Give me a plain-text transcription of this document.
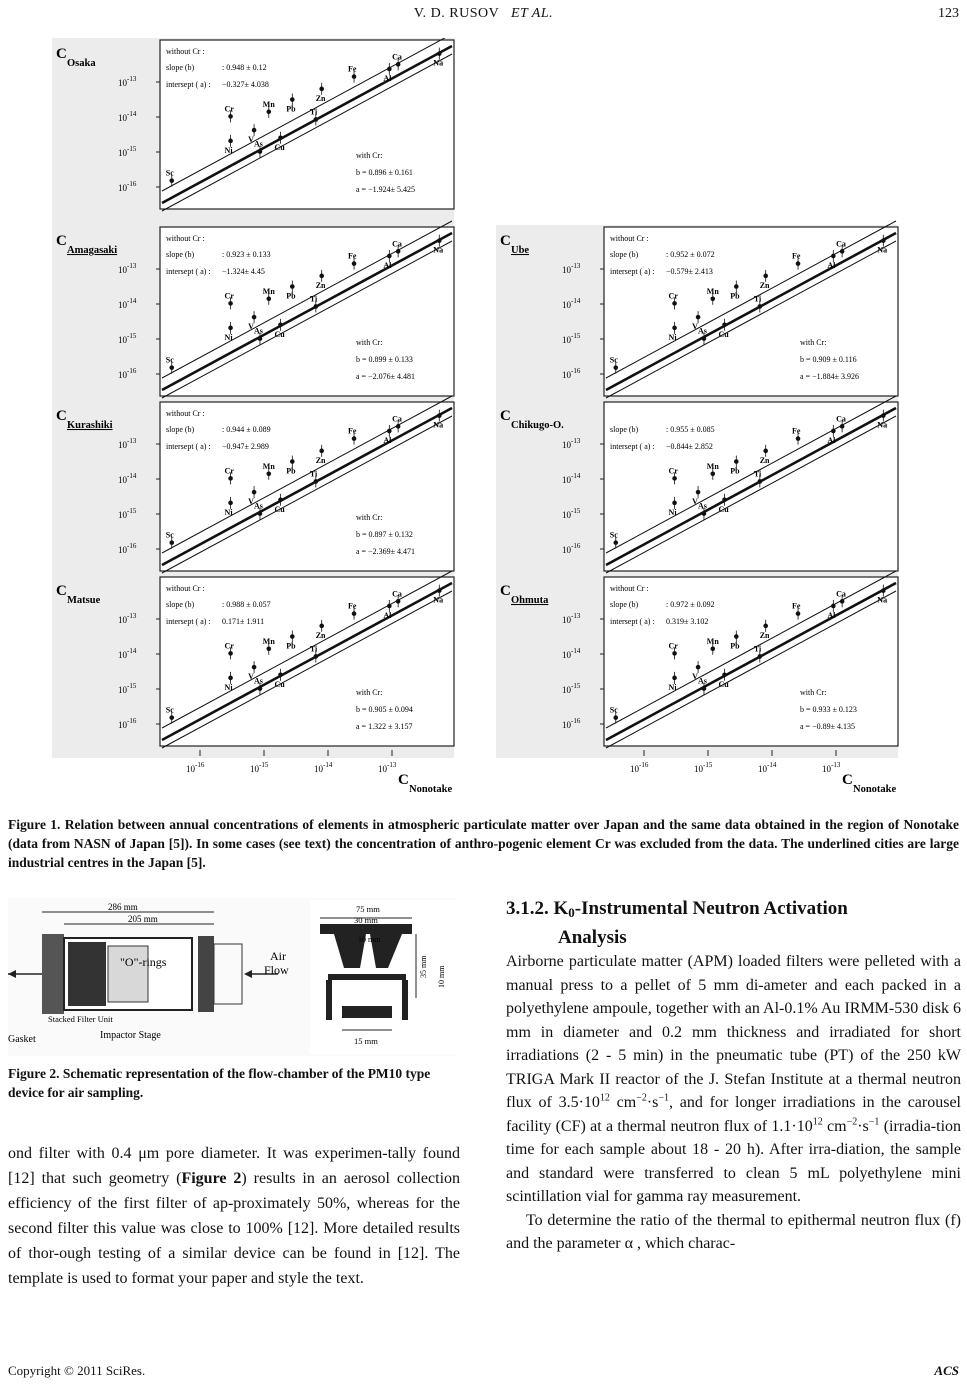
V. D. RUSOV ET AL.	123
C
Osaka
$10^{-13}$
$10^{-14}$
$10^{-15}$
$10^{-16}$
Sc
Ni
Cr
V As Cu
Mn
Pb Ti
Zn
Fe
Al
Ca
Na
without Cr :
slope (b)	: 0.948 ± 0.12
intersept ( a) : −0.327± 4.038
with Cr:
b = 0.896 ± 0.161
a = −1.924± 5.425
C
Amagasaki
$10^{-13}$
$10^{-14}$
$10^{-15}$
$10^{-16}$
Sc
Ni
Cr
V As Cu
Mn
Pb Ti
Zn
Fe
Al
Ca
Na
without Cr :
slope (b)	: 0.923 ± 0.133
intersept ( a) : −1.324± 4.45
with Cr:
b = 0.899 ± 0.133
a = −2.076± 4.481
C
Kurashiki
$10^{-13}$
$10^{-14}$
$10^{-15}$
$10^{-16}$
Sc
Ni
Cr
V As Cu
Mn
Pb Ti
Zn
Fe
Al
Ca
Na
without Cr :
slope (b)	: 0.944 ± 0.089
intersept ( a) : −0.947± 2.989
with Cr:
b = 0.897 ± 0.132
a = −2.369± 4.471
C
Matsue
$10^{-13}$
$10^{-14}$
$10^{-15}$
$10^{-16}$
Sc
Ni
Cr
V As Cu
Mn
Pb Ti
Zn
Fe
Al
Ca
Na
without Cr :
slope (b)	: 0.988 ± 0.057
intersept ( a) : 0.171± 1.911
with Cr:
b = 0.905 ± 0.094
a = 1.322 ± 3.157
C
Ube
$10^{-13}$
$10^{-14}$
$10^{-15}$
$10^{-16}$
Sc
Ni
Cr
V As Cu
Mn
Pb Ti
Zn
Fe
Al
Ca
Na
without Cr :
slope (b)	: 0.952 ± 0.072
intersept ( a) : −0.579± 2.413
with Cr:
b = 0.909 ± 0.116
a = −1.884± 3.926
C
Chikugo-O.
$10^{-13}$
$10^{-14}$
$10^{-15}$
$10^{-16}$
Sc
Ni
Cr
V As Cu
Mn
Pb Ti
Zn
Fe
Al
Ca
Na
slope (b)	: 0.955 ± 0.085
intersept ( a) : −0.844± 2.852
C
Ohmuta
$10^{-13}$
$10^{-14}$
$10^{-15}$
$10^{-16}$
Sc
Ni
Cr
V As Cu
Mn
Pb Ti
Zn
Fe
Al
Ca
Na
without Cr :
slope (b)	: 0.972 ± 0.092
intersept ( a) : 0.319± 3.102
with Cr:
b = 0.933 ± 0.123
a = −0.89± 4.135
$10^{-16}$	$10^{-15}$	$10^{-14}$	$10^{-13}$
C
Nonotake
$10^{-16}$	$10^{-15}$	$10^{-14}$	$10^{-13}$
C
Nonotake
Figure 1. Relation between annual concentrations of elements in atmospheric particulate matter over Japan and the same data obtained in the region of Nonotake (data from NASN of Japan [5]). In some cases (see text) the concentration of anthro-pogenic element Cr was excluded from the data. The underlined cities are large industrial centres in the Japan [5].
286 mm
205 mm
"O"-rings	Air
Flow
Stacked Filter Unit
Gasket	Impactor Stage
75 mm
30 mm
10 mm
35 mm 10 mm
15 mm
Figure 2. Schematic representation of the flow-chamber of the PM10 type device for air sampling.

ond filter with 0.4 μm pore diameter. It was experimen-tally found [12] that such geometry (Figure 2) results in an aerosol collection efficiency of the first filter of ap-proximately 50%, whereas for the second filter this value was close to 100% [12]. More detailed results of thor-ough testing of a similar device can be found in [12]. The template is used to format your paper and style the text.

3.1.2. $K_0$-Instrumental Neutron Activation
Analysis

Airborne particulate matter (APM) loaded filters were pelleted with a manual press to a pellet of 5 mm di-ameter and each packed in a polyethylene ampoule, together with an Al-0.1% Au IRMM-530 disk 6 mm in diameter and 0.2 mm thickness and irradiated for short irradiations (2 - 5 min) in the pneumatic tube (PT) of the 250 kW TRIGA Mark II reactor of the J. Stefan Institute at a thermal neutron flux of $3.5\cdot 10^{12}$ $cm^{-2}\cdot s^{-1}$, and for longer irradiations in the carousel facility (CF) at a thermal neutron flux of $1.1\cdot 10^{12}$ $cm^{-2}\cdot s^{-1}$ (irradia-tion time for each sample about 18 - 20 h). After irra-diation, the sample and standard were transferred to clean 5 mL polyethylene mini scintillation vial for gamma ray measurement.

To determine the ratio of the thermal to epithermal neutron flux (f) and the parameter α , which charac-

Copyright © 2011 SciRes.	ACS
